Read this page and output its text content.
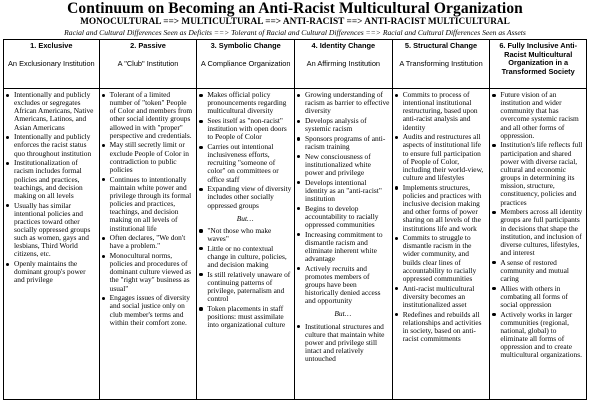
Continuum on Becoming an Anti-Racist Multicultural Organization
MONOCULTURAL ==> MULTICULTURAL ==> ANTI-RACIST ==> ANTI-RACIST MULTICULTURAL
Racial and Cultural Differences Seen as Deficits ==> Tolerant of Racial and Cultural Differences ==> Racial and Cultural Differences Seen as Assets
1. Exclusive
An Exclusionary Institution
Intentionally and publicly excludes or segregates African Americans, Native Americans, Latinos, and Asian Americans
Intentionally and publicly enforces the racist status quo throughout institution
Institutionalization of racism includes formal policies and practices, teachings, and decision making on all levels
Usually has similar intentional policies and practices toward other socially oppressed groups such as women, gays and lesbians, Third World citizens, etc.
Openly maintains the dominant group's power and privilege
2. Passive
A "Club" Institution
Tolerant of a limited number of "token" People of Color and members from other social identity groups allowed in with "proper" perspective and credentials.
May still secretly limit or exclude People of Color in contradiction to public policies
Continues to intentionally maintain white power and privilege through its formal policies and practices, teachings, and decision making on all levels of institutional life
Often declares, "We don't have a problem."
Monocultural norms, policies and procedures of dominant culture viewed as the "right way" business as usual"
Engages issues of diversity and social justice only on club member's terms and within their comfort zone.
3. Symbolic Change
A Compliance Organization
Makes official policy pronouncements regarding multicultural diversity
Sees itself as "non-racist" institution with open doors to People of Color
Carries out intentional inclusiveness efforts, recruiting "someone of color" on committees or office staff
Expanding view of diversity includes other socially oppressed groups
But…
"Not those who make waves"
Little or no contextual change in culture, policies, and decision making
Is still relatively unaware of continuing patterns of privilege, paternalism and control
Token placements in staff positions: must assimilate into organizational culture
4. Identity Change
An Affirming Institution
Growing understanding of racism as barrier to effective diversity
Develops analysis of systemic racism
Sponsors programs of anti-racism training
New consciousness of institutionalized white power and privilege
Develops intentional identity as an "anti-racist" institution
Begins to develop accountability to racially oppressed communities
Increasing commitment to dismantle racism and eliminate inherent white advantage
Actively recruits and promotes members of groups have been historically denied access and opportunity
But…
Institutional structures and culture that maintain white power and privilege still intact and relatively untouched
5. Structural Change
A Transforming Institution
Commits to process of intentional institutional restructuring, based upon anti-racist analysis and identity
Audits and restructures all aspects of institutional life to ensure full participation of People of Color, including their world-view, culture and lifestyles
Implements structures, policies and practices with inclusive decision making and other forms of power sharing on all levels of the institutions life and work
Commits to struggle to dismantle racism in the wider community, and builds clear lines of accountability to racially oppressed communities
Anti-racist multicultural diversity becomes an institutionalized asset
Redefines and rebuilds all relationships and activities in society, based on anti-racist commitments
6. Fully Inclusive Anti-Racist Multicultural Organization in a Transformed Society
Future vision of an institution and wider community that has overcome systemic racism and all other forms of oppression.
Institution's life reflects full participation and shared power with diverse racial, cultural and economic groups in determining its mission, structure, constituency, policies and practices
Members across all identity groups are full participants in decisions that shape the institution, and inclusion of diverse cultures, lifestyles, and interest
A sense of restored community and mutual caring
Allies with others in combating all forms of social oppression
Actively works in larger communities (regional, national, global) to eliminate all forms of oppression and to create multicultural organizations.
